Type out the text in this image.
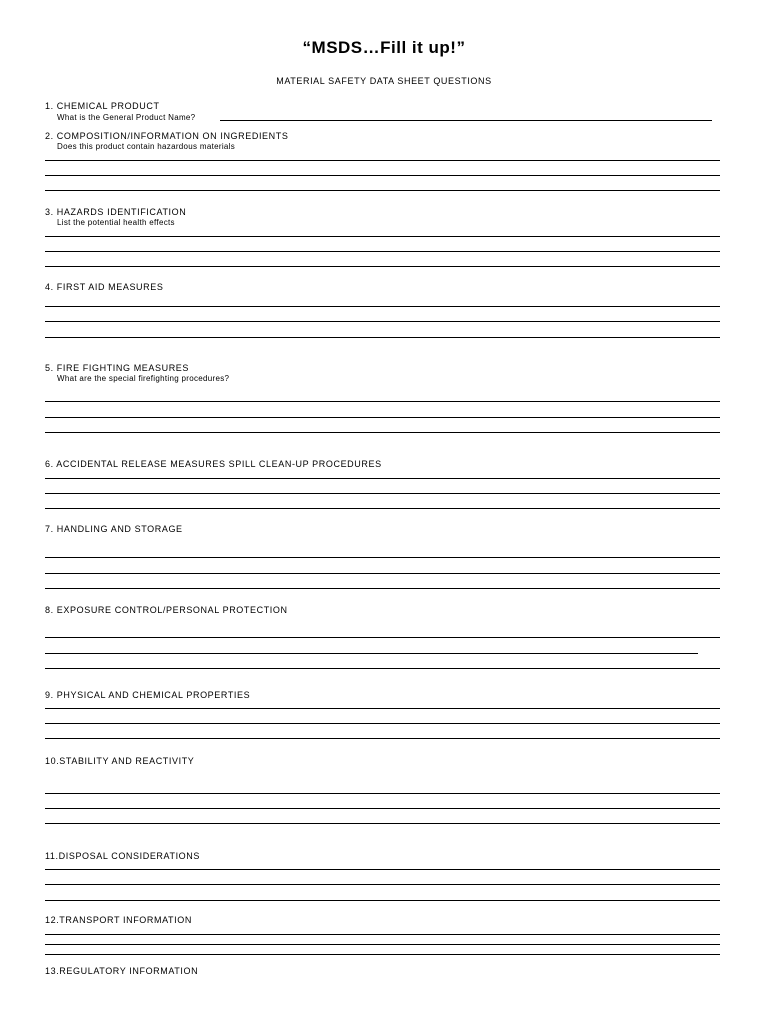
“MSDS…Fill it up!”
MATERIAL SAFETY DATA SHEET QUESTIONS
1. CHEMICAL PRODUCT
What is the General Product Name?
2. COMPOSITION/INFORMATION ON INGREDIENTS
Does this product contain hazardous materials
3. HAZARDS IDENTIFICATION
List the potential health effects
4. FIRST AID MEASURES
5. FIRE FIGHTING MEASURES
What are the special firefighting procedures?
6. ACCIDENTAL RELEASE MEASURES SPILL CLEAN-UP PROCEDURES
7. HANDLING AND STORAGE
8. EXPOSURE CONTROL/PERSONAL PROTECTION
9. PHYSICAL AND CHEMICAL PROPERTIES
10.STABILITY AND REACTIVITY
11.DISPOSAL CONSIDERATIONS
12.TRANSPORT INFORMATION
13.REGULATORY INFORMATION
